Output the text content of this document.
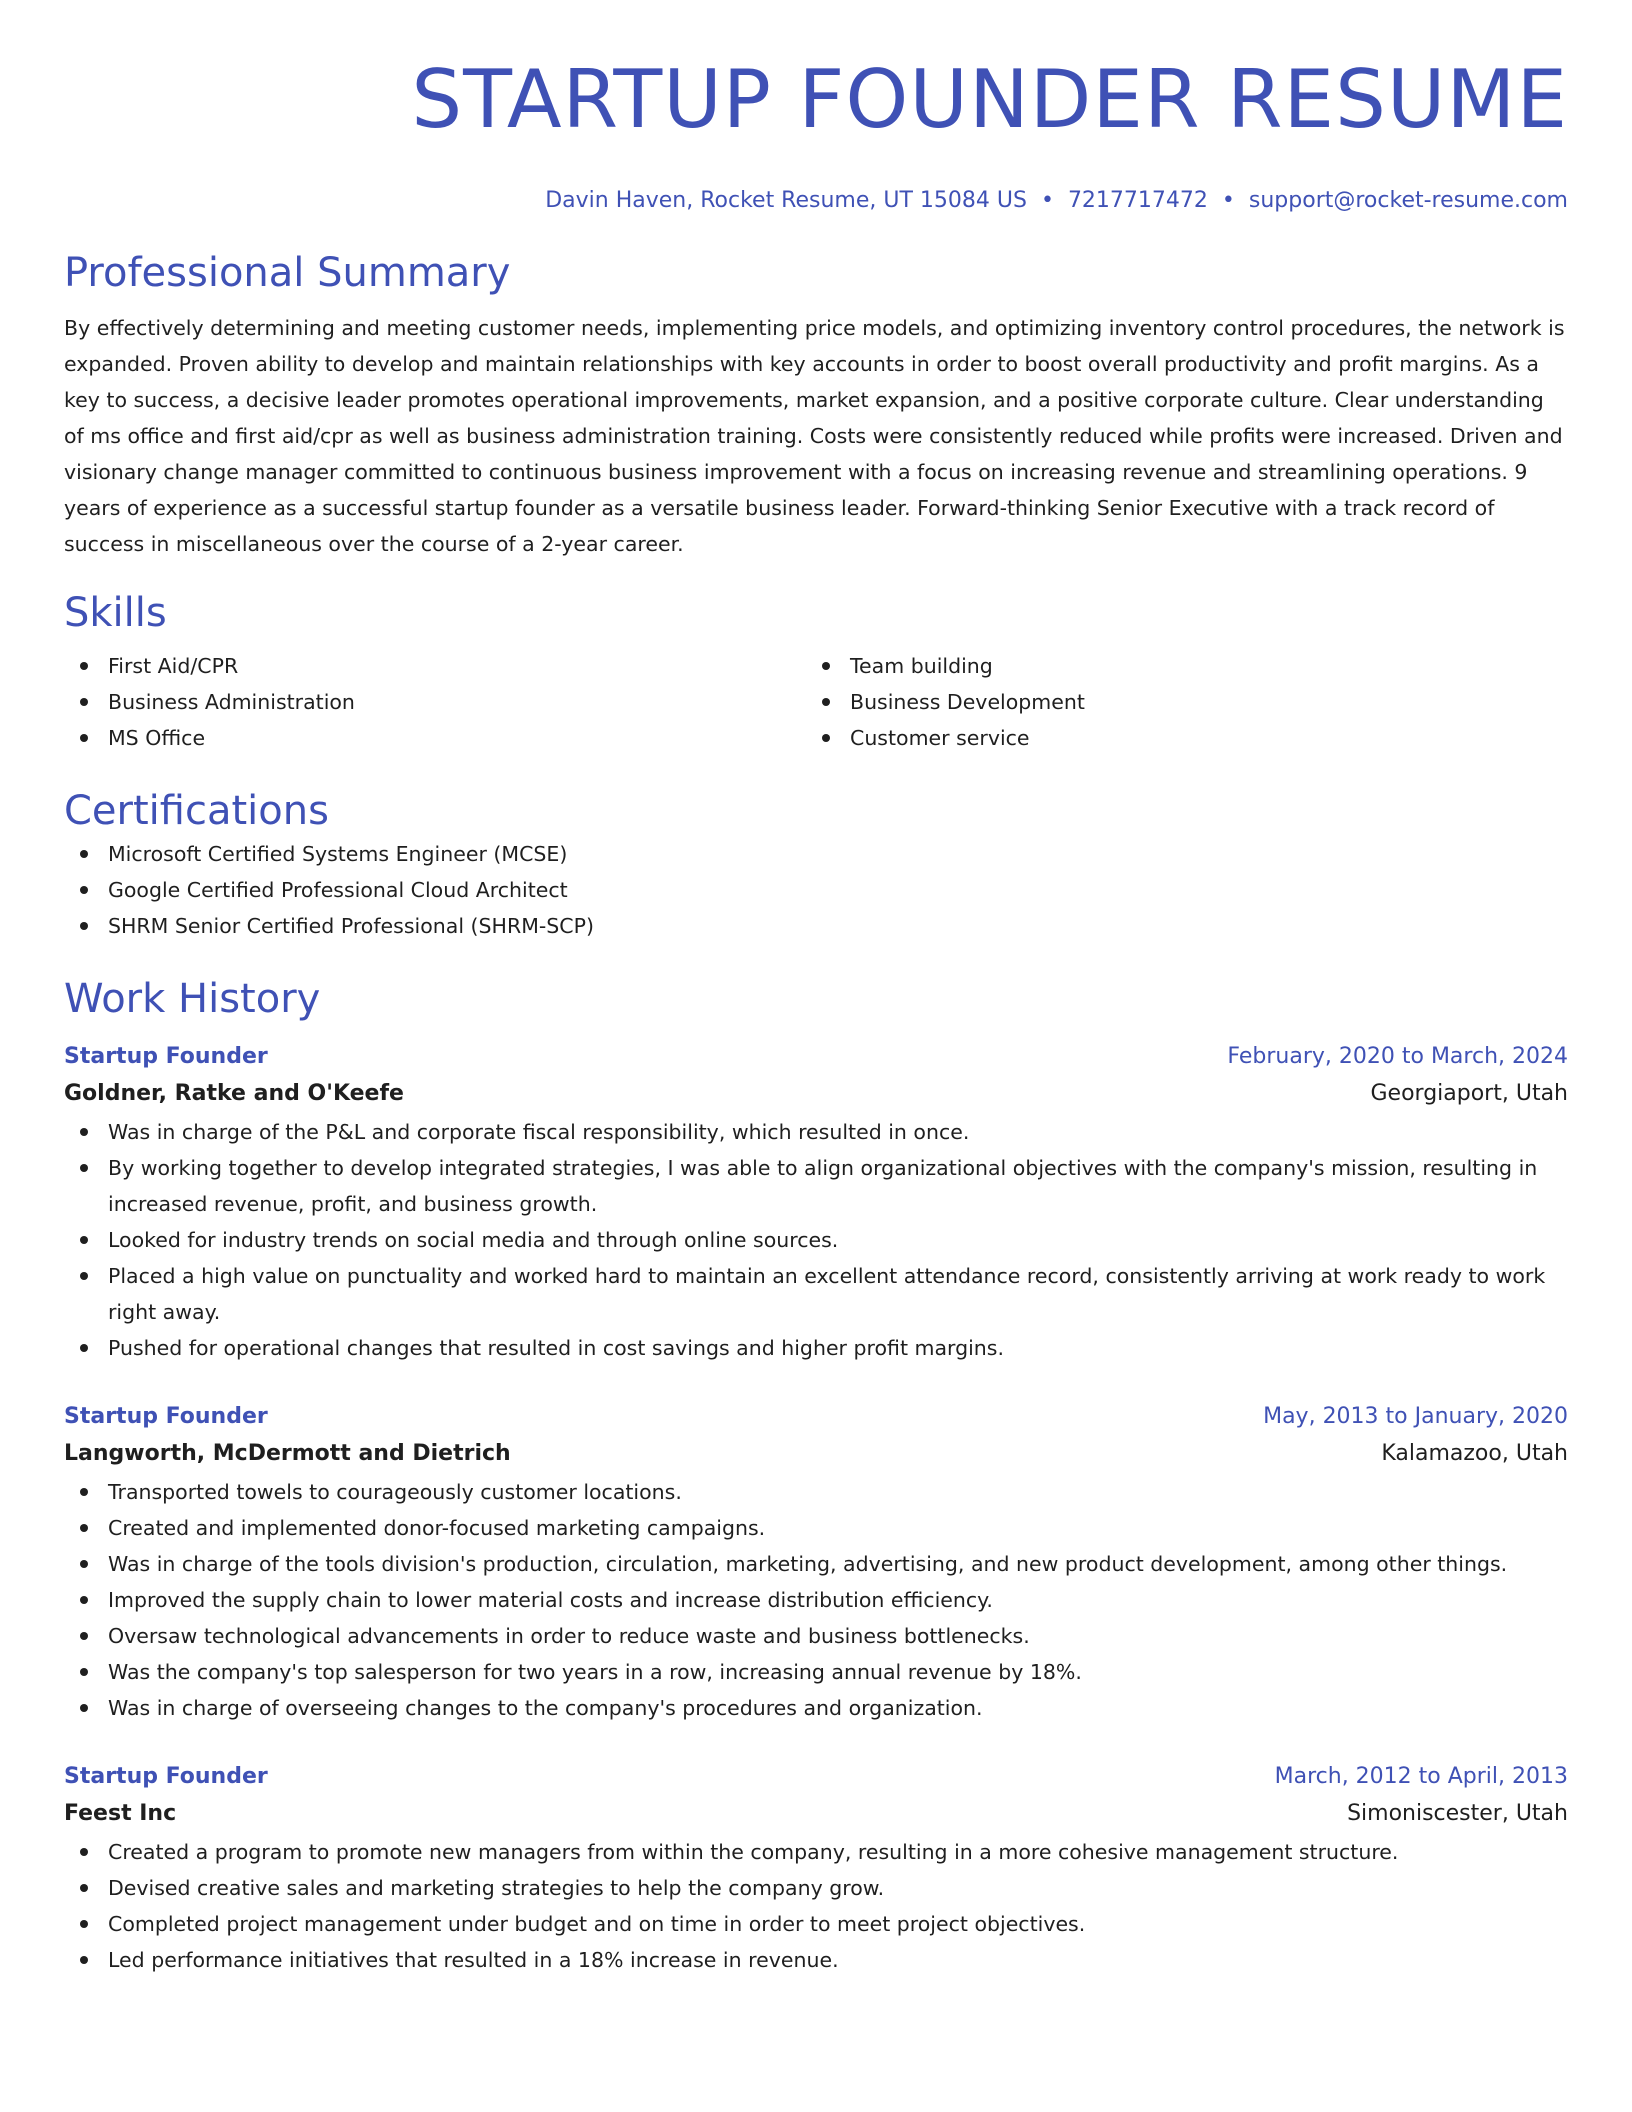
STARTUP FOUNDER RESUME
Davin Haven, Rocket Resume, UT 15084 US • 7217717472 • support@rocket-resume.com
Professional Summary

By effectively determining and meeting customer needs, implementing price models, and optimizing inventory control procedures, the network is expanded. Proven ability to develop and maintain relationships with key accounts in order to boost overall productivity and profit margins. As a key to success, a decisive leader promotes operational improvements, market expansion, and a positive corporate culture. Clear understanding of ms office and first aid/cpr as well as business administration training. Costs were consistently reduced while profits were increased. Driven and visionary change manager committed to continuous business improvement with a focus on increasing revenue and streamlining operations. 9 years of experience as a successful startup founder as a versatile business leader. Forward-thinking Senior Executive with a track record of success in miscellaneous over the course of a 2-year career.

Skills
First Aid/CPR
Business Administration
MS Office
Team building
Business Development
Customer service
Certifications
Microsoft Certified Systems Engineer (MCSE)
Google Certified Professional Cloud Architect
SHRM Senior Certified Professional (SHRM-SCP)
Work History
Startup Founder	February, 2020 to March, 2024
Goldner, Ratke and O'Keefe	Georgiaport, Utah
Was in charge of the P&L and corporate fiscal responsibility, which resulted in once.
By working together to develop integrated strategies, I was able to align organizational objectives with the company's mission, resulting in increased revenue, profit, and business growth.
Looked for industry trends on social media and through online sources.
Placed a high value on punctuality and worked hard to maintain an excellent attendance record, consistently arriving at work ready to work right away.
Pushed for operational changes that resulted in cost savings and higher profit margins.
Startup Founder	May, 2013 to January, 2020
Langworth, McDermott and Dietrich	Kalamazoo, Utah
Transported towels to courageously customer locations.
Created and implemented donor-focused marketing campaigns.
Was in charge of the tools division's production, circulation, marketing, advertising, and new product development, among other things.
Improved the supply chain to lower material costs and increase distribution efficiency.
Oversaw technological advancements in order to reduce waste and business bottlenecks.
Was the company's top salesperson for two years in a row, increasing annual revenue by 18%.
Was in charge of overseeing changes to the company's procedures and organization.
Startup Founder	March, 2012 to April, 2013
Feest Inc	Simoniscester, Utah
Created a program to promote new managers from within the company, resulting in a more cohesive management structure.
Devised creative sales and marketing strategies to help the company grow.
Completed project management under budget and on time in order to meet project objectives.
Led performance initiatives that resulted in a 18% increase in revenue.
